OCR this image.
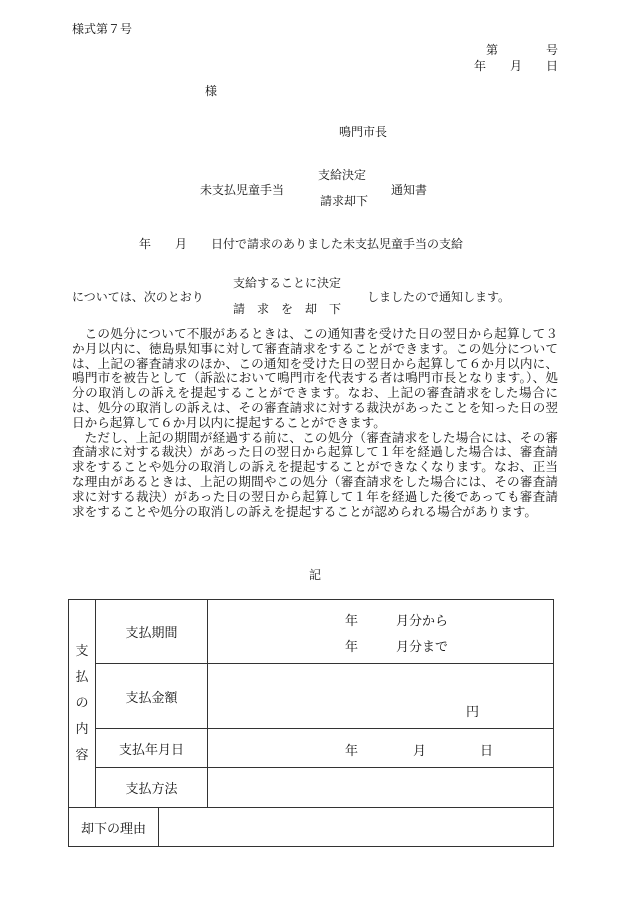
様式第７号
第　　　　号
年　　月　　日
様
鳴門市長
未支払児童手当
支給決定
請求却下
通知書
年　　月　　日付で請求のありました未支払児童手当の支給
支給することに決定
については、次のとおり
請　求　を　却　下
しましたので通知します。

この処分について不服があるときは、この通知書を受けた日の翌日から起算して３か月以内に、徳島県知事に対して審査請求をすることができます。この処分については、上記の審査請求のほか、この通知を受けた日の翌日から起算して６か月以内に、鳴門市を被告として（訴訟において鳴門市を代表する者は鳴門市長となります。）、処分の取消しの訴えを提起することができます。なお、上記の審査請求をした場合には、処分の取消しの訴えは、その審査請求に対する裁決があったことを知った日の翌日から起算して６か月以内に提起することができます。

ただし、上記の期間が経過する前に、この処分（審査請求をした場合には、その審査請求に対する裁決）があった日の翌日から起算して１年を経過した場合は、審査請求をすることや処分の取消しの訴えを提起することができなくなります。なお、正当な理由があるときは、上記の期間やこの処分（審査請求をした場合には、その審査請求に対する裁決）があった日の翌日から起算して１年を経過した後であっても審査請求をすることや処分の取消しの訴えを提起することが認められる場合があります。

記
支
払
の
内
容	支払期間		年 月分から
年 月分まで

	支払金額		円

	支払年月日		年 月 日

	支払方法		
却下の理由			
